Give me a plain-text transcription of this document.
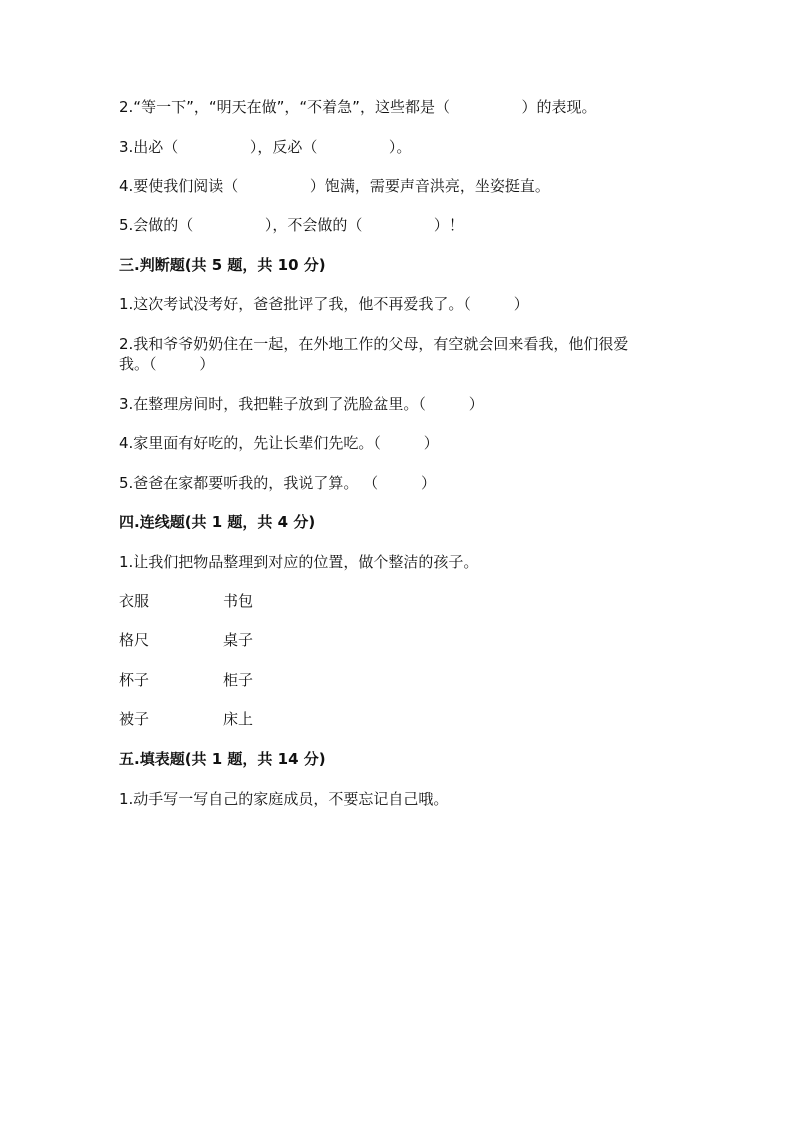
2.“等一下”，“明天在做”，“不着急”，这些都是（               ）的表现。
3.出必（               ），反必（               ）。
4.要使我们阅读（               ）饱满，需要声音洪亮，坐姿挺直。
5.会做的（               ），不会做的（               ）！
三.判断题(共 5 题，共 10 分)
1.这次考试没考好，爸爸批评了我，他不再爱我了。（         ）
2.我和爷爷奶奶住在一起，在外地工作的父母，有空就会回来看我，他们很爱
我。（         ）
3.在整理房间时，我把鞋子放到了洗脸盆里。（         ）
4.家里面有好吃的，先让长辈们先吃。（         ）
5.爸爸在家都要听我的，我说了算。 （         ）
四.连线题(共 1 题，共 4 分)
1.让我们把物品整理到对应的位置，做个整洁的孩子。
衣服	书包
格尺	桌子
杯子	柜子
被子	床上
五.填表题(共 1 题，共 14 分)
1.动手写一写自己的家庭成员，不要忘记自己哦。
